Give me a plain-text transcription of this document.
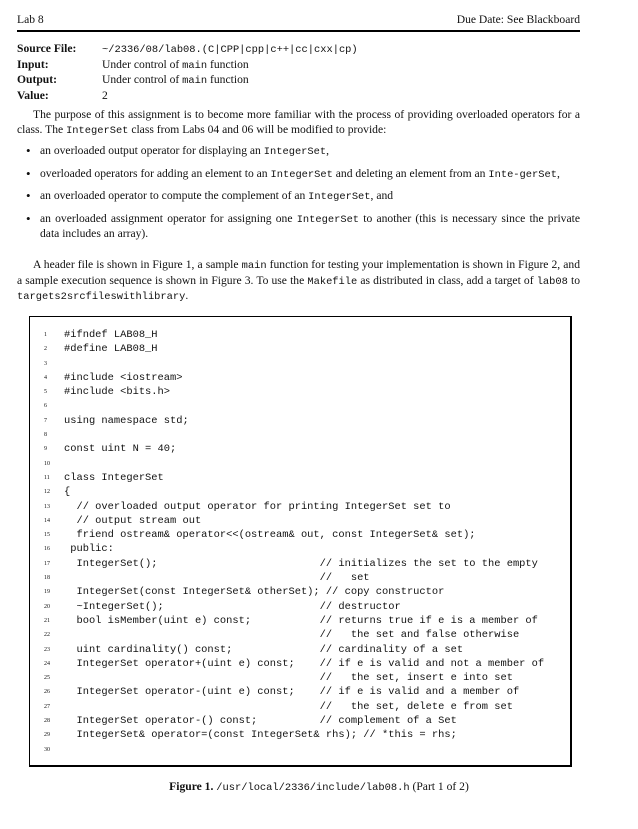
Lab 8	Due Date: See Blackboard
Source File: ~/2336/08/lab08.(C|CPP|cpp|c++|cc|cxx|cp)
Input:	Under control of main function
Output:	Under control of main function
Value:	2
The purpose of this assignment is to become more familiar with the process of providing overloaded operators for a class. The IntegerSet class from Labs 04 and 06 will be modified to provide:
• an overloaded output operator for displaying an IntegerSet,
• overloaded operators for adding an element to an IntegerSet and deleting an element from an Inte-gerSet,
• an overloaded operator to compute the complement of an IntegerSet, and
• an overloaded assignment operator for assigning one IntegerSet to another (this is necessary since the private data includes an array).
A header file is shown in Figure 1, a sample main function for testing your implementation is shown in Figure 2, and a sample execution sequence is shown in Figure 3. To use the Makefile as distributed in class, add a target of lab08 to targets2srcfileswithlibrary.
1 #ifndef LAB08_H
2 #define LAB08_H
3
4 #include <iostream>
5 #include <bits.h>
6
7 using namespace std;
8
9 const uint N = 40;
10
11 class IntegerSet
12 {
13  // overloaded output operator for printing IntegerSet set to
14  // output stream out
15  friend ostream& operator<<(ostream& out, const IntegerSet& set);
16 public:
17  IntegerSet();                          // initializes the set to the empty
18                                         //   set
19  IntegerSet(const IntegerSet& otherSet); // copy constructor
20  ~IntegerSet();                         // destructor
21  bool isMember(uint e) const;           // returns true if e is a member of
22                                         //   the set and false otherwise
23  uint cardinality() const;              // cardinality of a set
24  IntegerSet operator+(uint e) const;    // if e is valid and not a member of
25                                         //   the set, insert e into set
26  IntegerSet operator-(uint e) const;    // if e is valid and a member of
27                                         //   the set, delete e from set
28  IntegerSet operator-() const;          // complement of a Set
29  IntegerSet& operator=(const IntegerSet& rhs); // *this = rhs;
30
Figure 1. /usr/local/2336/include/lab08.h (Part 1 of 2)
